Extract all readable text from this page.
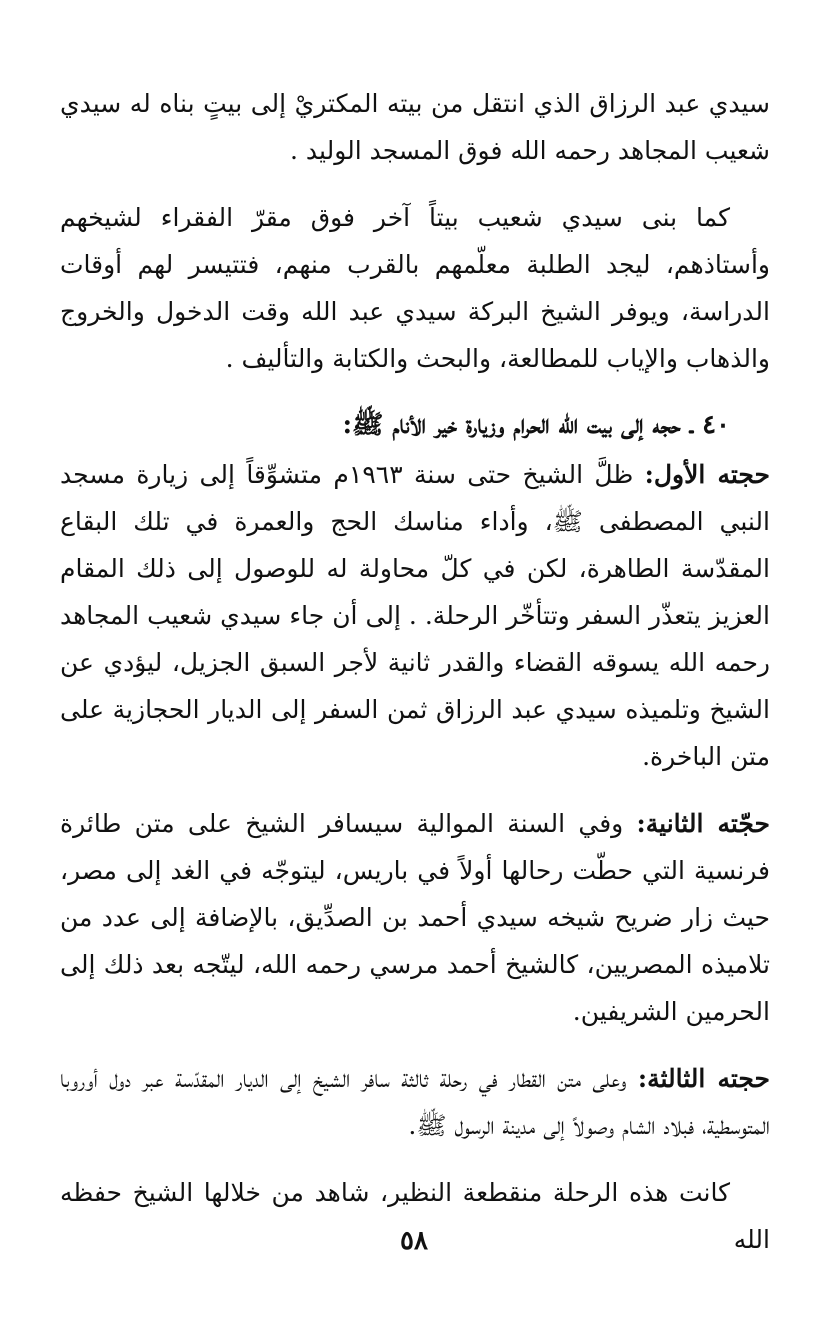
سيدي عبد الرزاق الذي انتقل من بيته المكتريْ إلى بيتٍ بناه له سيدي شعيب المجاهد رحمه الله فوق المسجد الوليد .

كما بنى سيدي شعيب بيتاً آخر فوق مقرّ الفقراء لشيخهم وأستاذهم، ليجد الطلبة معلّمهم بالقرب منهم، فتتيسر لهم أوقات الدراسة، ويوفر الشيخ البركة سيدي عبد الله وقت الدخول والخروج والذهاب والإياب للمطالعة، والبحث والكتابة والتأليف .

٤٠ ـ حجه إلى بيت الله الحرام وزيارة خير الأنام ﷺ:

حجته الأول: ظلَّ الشيخ حتى سنة ١٩٦٣م متشوِّقاً إلى زيارة مسجد النبي المصطفى ﷺ، وأداء مناسك الحج والعمرة في تلك البقاع المقدّسة الطاهرة، لكن في كلّ محاولة له للوصول إلى ذلك المقام العزيز يتعذّر السفر وتتأخّر الرحلة. . إلى أن جاء سيدي شعيب المجاهد رحمه الله يسوقه القضاء والقدر ثانية لأجر السبق الجزيل، ليؤدي عن الشيخ وتلميذه سيدي عبد الرزاق ثمن السفر إلى الديار الحجازية على متن الباخرة.

حجّته الثانية: وفي السنة الموالية سيسافر الشيخ على متن طائرة فرنسية التي حطّت رحالها أولاً في باريس، ليتوجّه في الغد إلى مصر، حيث زار ضريح شيخه سيدي أحمد بن الصدِّيق، بالإضافة إلى عدد من تلاميذه المصريين، كالشيخ أحمد مرسي رحمه الله، ليتّجه بعد ذلك إلى الحرمين الشريفين.

حجته الثالثة: وعلى متن القطار في رحلة ثالثة سافر الشيخ إلى الديار المقدّسة عبر دول أوروبا المتوسطية، فبلاد الشام وصولاً إلى مدينة الرسول ﷺ.

كانت هذه الرحلة منقطعة النظير، شاهد من خلالها الشيخ حفظه الله

٥٨
